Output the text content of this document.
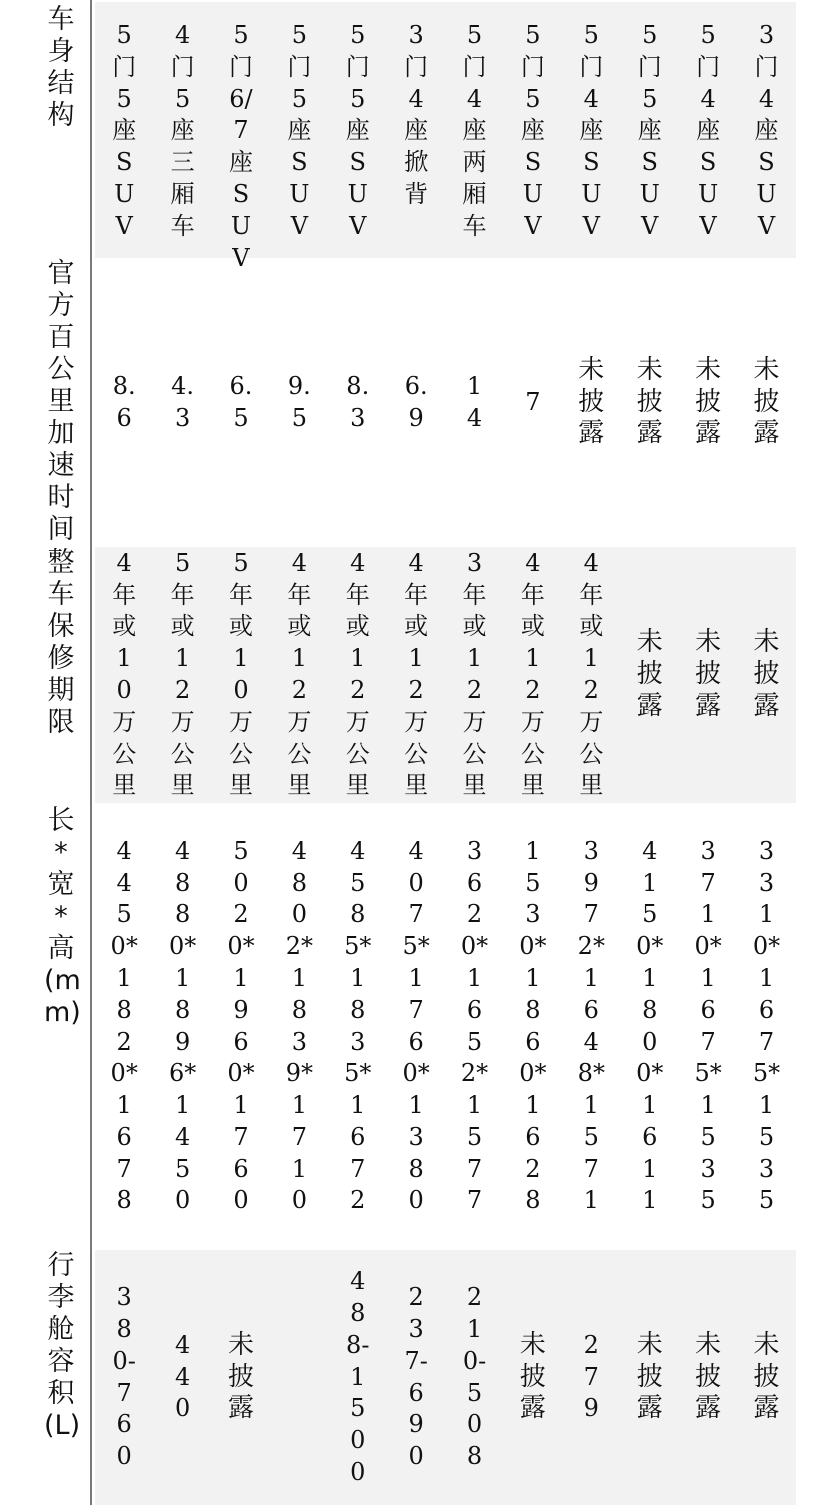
车身结构
官方百公里加速时间
整车保修期限
长*宽*高(mm)
行李舱容积(L)
5门5座SUV
4门5座三厢车
5门6/7座SUV
5门5座SUV
5门5座SUV
3门4座掀背
5门4座两厢车
5门5座SUV
5门4座SUV
5门5座SUV
5门4座SUV
3门4座SUV
8.6
4.3
6.5
9.5
8.3
6.9
14
7
未披露
未披露
未披露
未披露
4年或10万公里
5年或12万公里
5年或10万公里
4年或12万公里
4年或12万公里
4年或12万公里
3年或12万公里
4年或12万公里
4年或12万公里
未披露
未披露
未披露
4450*1820*1678
4880*1896*1450
5020*1960*1760
4802*1839*1710
4585*1835*1672
4075*1760*1380
3620*1652*1577
1530*1860*1628
3972*1648*1571
4150*1800*1611
3710*1675*1535
3310*1675*1535
380-760
440
未披露
488-1500
237-690
210-508
未披露
279
未披露
未披露
未披露
